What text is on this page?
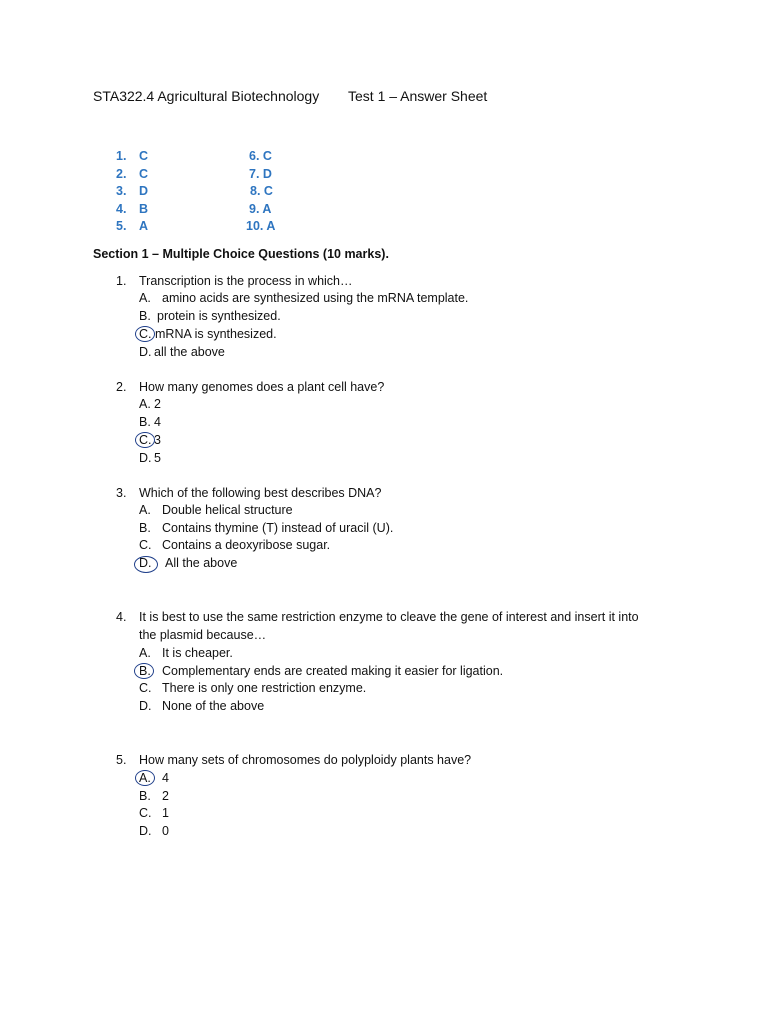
STA322.4 Agricultural Biotechnology Test 1 – Answer Sheet
1. C
2. C
3. D
4. B
5. A
6. C
7. D
8. C
9. A
10. A
Section 1 – Multiple Choice Questions (10 marks).
1. Transcription is the process in which…
A. amino acids are synthesized using the mRNA template.
B. protein is synthesized.
C. mRNA is synthesized.
D. all the above
2. How many genomes does a plant cell have?
A. 2
B. 4
C. 3
D. 5
3. Which of the following best describes DNA?
A. Double helical structure
B. Contains thymine (T) instead of uracil (U).
C. Contains a deoxyribose sugar.
D. All the above
4. It is best to use the same restriction enzyme to cleave the gene of interest and insert it into
the plasmid because…
A. It is cheaper.
B. Complementary ends are created making it easier for ligation.
C. There is only one restriction enzyme.
D. None of the above
5. How many sets of chromosomes do polyploidy plants have?
A. 4
B. 2
C. 1
D. 0
